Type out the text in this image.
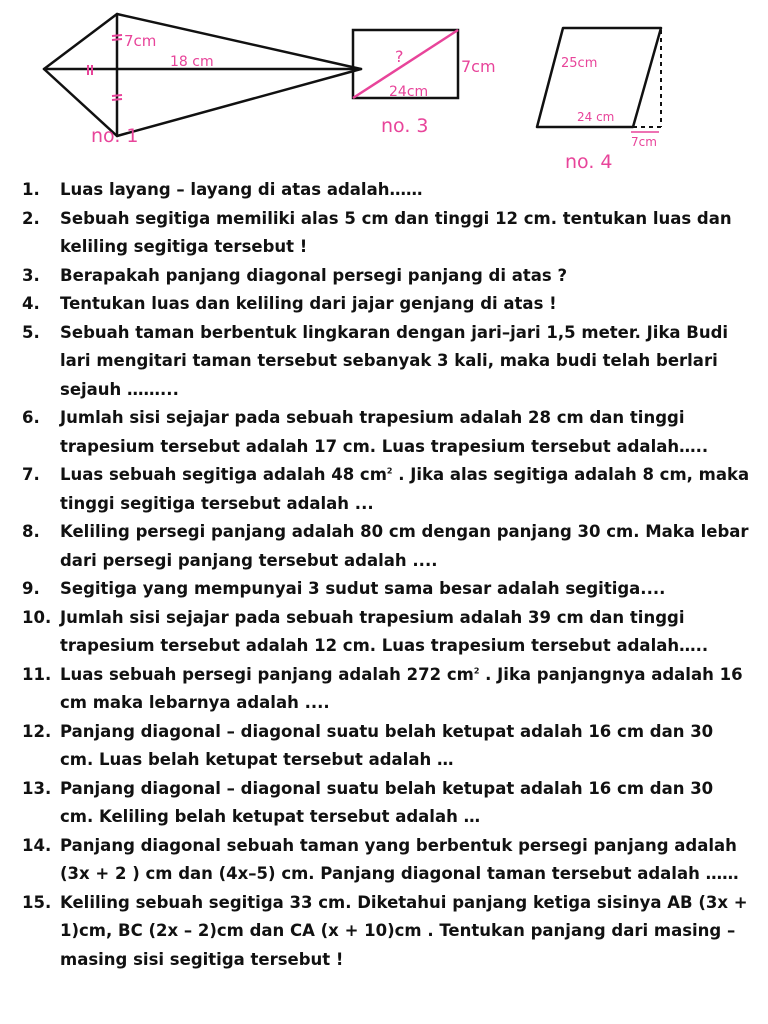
7cm
18 cm
no. 1
?
7cm
24cm
no. 3
25cm
24 cm
7cm
no. 4
1.	Luas layang – layang di atas adalah……
2.	Sebuah segitiga memiliki alas 5 cm dan tinggi 12 cm. tentukan luas dan keliling segitiga tersebut !
3.	Berapakah panjang diagonal persegi panjang di atas ?
4.	Tentukan luas dan keliling dari jajar genjang di atas !
5.	Sebuah taman berbentuk lingkaran dengan jari–jari 1,5 meter. Jika Budi lari mengitari taman tersebut sebanyak 3 kali, maka budi telah berlari sejauh ……...
6.	Jumlah sisi sejajar pada sebuah trapesium adalah 28 cm dan tinggi trapesium tersebut adalah 17 cm. Luas trapesium tersebut adalah…..
7.	Luas sebuah segitiga adalah 48 $cm^2$ . Jika alas segitiga adalah 8 cm, maka tinggi segitiga tersebut adalah ...
8.	Keliling persegi panjang adalah 80 cm dengan panjang 30 cm. Maka lebar dari persegi panjang tersebut adalah ....
9.	Segitiga yang mempunyai 3 sudut sama besar adalah segitiga....
10. Jumlah sisi sejajar pada sebuah trapesium adalah 39 cm dan tinggi trapesium tersebut adalah 12 cm. Luas trapesium tersebut adalah…..
11. Luas sebuah persegi panjang adalah 272 $cm^2$ . Jika panjangnya adalah 16 cm maka lebarnya adalah ....
12. Panjang diagonal – diagonal suatu belah ketupat adalah 16 cm dan 30 cm. Luas belah ketupat tersebut adalah …
13. Panjang diagonal – diagonal suatu belah ketupat adalah 16 cm dan 30 cm. Keliling belah ketupat tersebut adalah …
14. Panjang diagonal sebuah taman yang berbentuk persegi panjang adalah (3x + 2 ) cm dan (4x–5) cm. Panjang diagonal taman tersebut adalah ……
15. Keliling sebuah segitiga 33 cm. Diketahui panjang ketiga sisinya AB (3x + 1)cm, BC (2x – 2)cm dan CA (x + 10)cm . Tentukan panjang dari masing – masing sisi segitiga tersebut !
